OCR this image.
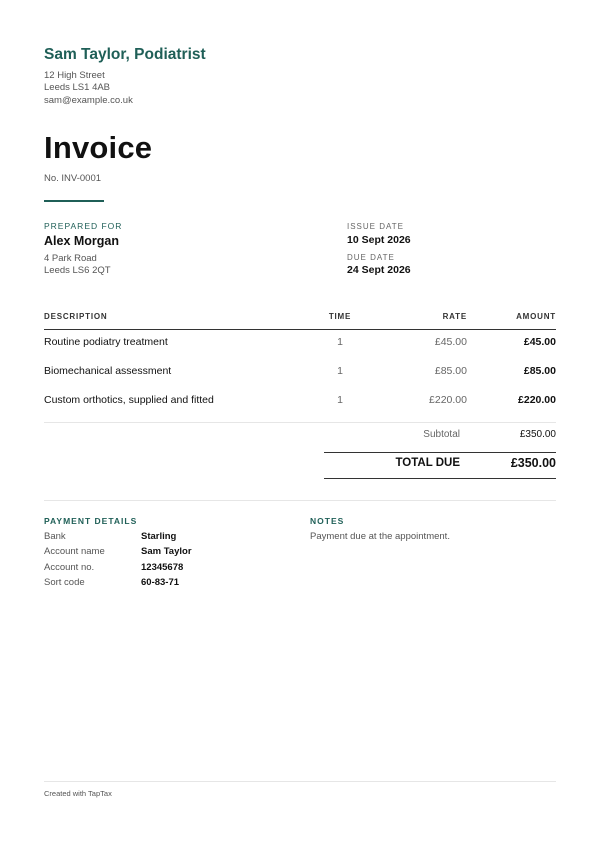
Sam Taylor, Podiatrist
12 High Street
Leeds LS1 4AB
sam@example.co.uk
Invoice
No. INV-0001
PREPARED FOR
Alex Morgan
4 Park Road
Leeds LS6 2QT
ISSUE DATE
10 Sept 2026
DUE DATE
24 Sept 2026
DESCRIPTION	TIME	RATE	AMOUNT
Routine podiatry treatment	1	£45.00	£45.00
Biomechanical assessment	1	£85.00	£85.00
Custom orthotics, supplied and fitted	1	£220.00	£220.00
Subtotal	£350.00
TOTAL DUE	£350.00
PAYMENT DETAILS
Bank	Starling
Account name	Sam Taylor
Account no.	12345678
Sort code	60-83-71
NOTES
Payment due at the appointment.
Created with TapTax
